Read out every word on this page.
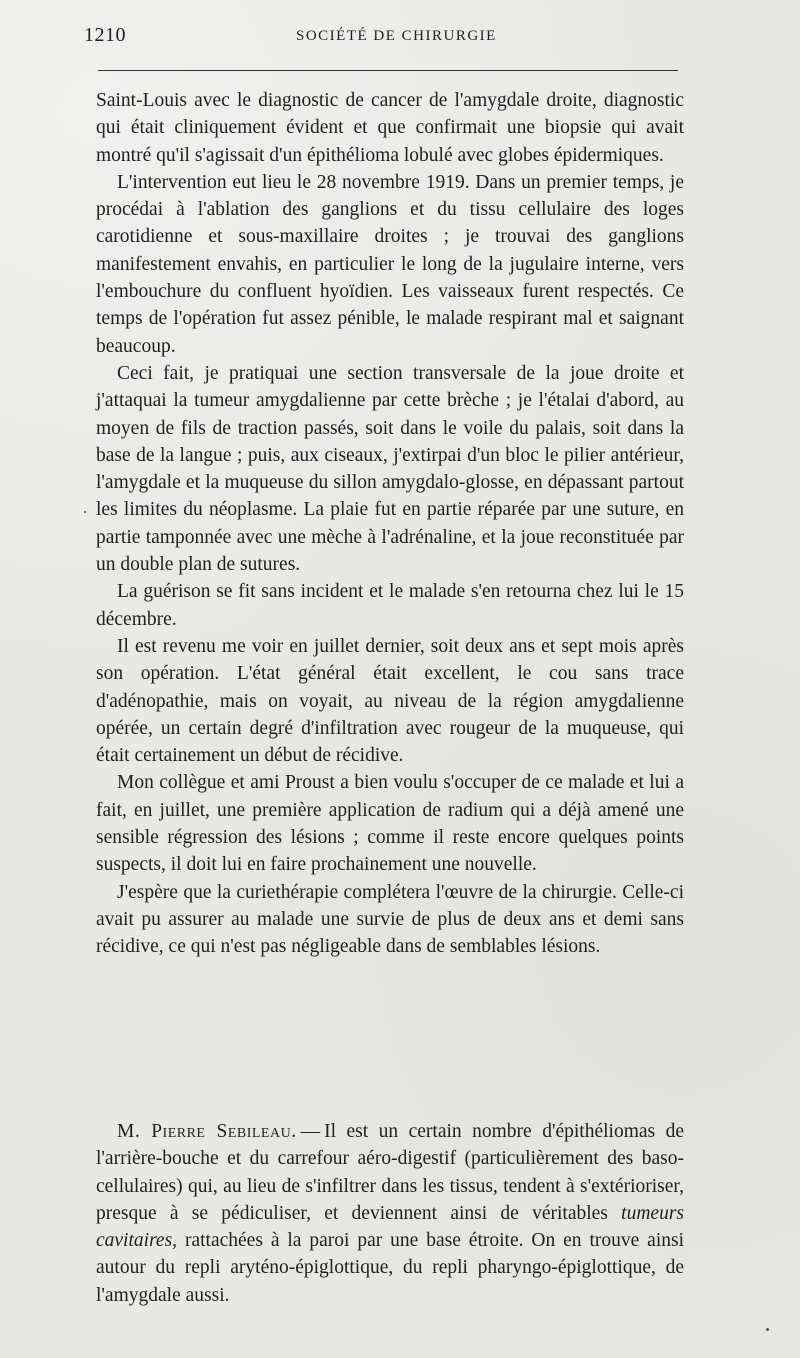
1210	SOCIÉTÉ DE CHIRURGIE

Saint-Louis avec le diagnostic de cancer de l'amygdale droite, diagnostic qui était cliniquement évident et que confirmait une biopsie qui avait montré qu'il s'agissait d'un épithélioma lobulé avec globes épidermiques.

L'intervention eut lieu le 28 novembre 1919. Dans un premier temps, je procédai à l'ablation des ganglions et du tissu cellulaire des loges carotidienne et sous-maxillaire droites ; je trouvai des ganglions manifestement envahis, en particulier le long de la jugulaire interne, vers l'embouchure du confluent hyoïdien. Les vaisseaux furent respectés. Ce temps de l'opération fut assez pénible, le malade respirant mal et saignant beaucoup.

Ceci fait, je pratiquai une section transversale de la joue droite et j'attaquai la tumeur amygdalienne par cette brèche ; je l'étalai d'abord, au moyen de fils de traction passés, soit dans le voile du palais, soit dans la base de la langue ; puis, aux ciseaux, j'extirpai d'un bloc le pilier antérieur, l'amygdale et la muqueuse du sillon amygdalo-glosse, en dépassant partout les limites du néoplasme. La plaie fut en partie réparée par une suture, en partie tamponnée avec une mèche à l'adrénaline, et la joue reconstituée par un double plan de sutures.

La guérison se fit sans incident et le malade s'en retourna chez lui le 15 décembre.

Il est revenu me voir en juillet dernier, soit deux ans et sept mois après son opération. L'état général était excellent, le cou sans trace d'adénopathie, mais on voyait, au niveau de la région amygdalienne opérée, un certain degré d'infiltration avec rougeur de la muqueuse, qui était certainement un début de récidive.

Mon collègue et ami Proust a bien voulu s'occuper de ce malade et lui a fait, en juillet, une première application de radium qui a déjà amené une sensible régression des lésions ; comme il reste encore quelques points suspects, il doit lui en faire prochainement une nouvelle.

J'espère que la curiethérapie complétera l'œuvre de la chirurgie. Celle-ci avait pu assurer au malade une survie de plus de deux ans et demi sans récidive, ce qui n'est pas négligeable dans de semblables lésions.

M. Pierre Sebileau. — Il est un certain nombre d'épithéliomas de l'arrière-bouche et du carrefour aéro-digestif (particulièrement des baso-cellulaires) qui, au lieu de s'infiltrer dans les tissus, tendent à s'extérioriser, presque à se pédiculiser, et deviennent ainsi de véritables tumeurs cavitaires, rattachées à la paroi par une base étroite. On en trouve ainsi autour du repli aryténo-épiglottique, du repli pharyngo-épiglottique, de l'amygdale aussi.
